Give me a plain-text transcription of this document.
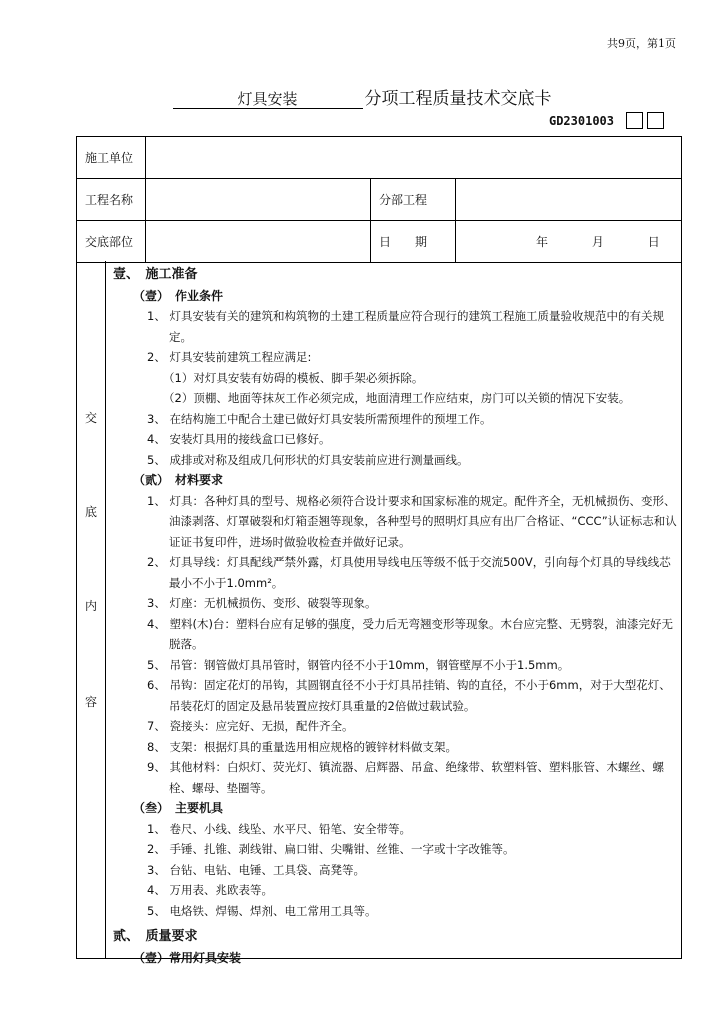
共9页，第1页
灯具安装	分项工程质量技术交底卡
GD2301003
施工单位			
工程名称		分部工程	
交底部位		日　　期	年 月 日
交
底
内
容
壹、　施工准备
（壹）　作业条件
1、 灯具安装有关的建筑和构筑物的土建工程质量应符合现行的建筑工程施工质量验收规范中的有关规定。
2、 灯具安装前建筑工程应满足:
（1）对灯具安装有妨碍的模板、脚手架必须拆除。
（2）顶棚、地面等抹灰工作必须完成，地面清理工作应结束，房门可以关锁的情况下安装。
3、 在结构施工中配合土建已做好灯具安装所需预埋件的预埋工作。
4、 安装灯具用的接线盒口已修好。
5、 成排或对称及组成几何形状的灯具安装前应进行测量画线。
（贰）　材料要求
1、 灯具：各种灯具的型号、规格必须符合设计要求和国家标准的规定。配件齐全，无机械损伤、变形、油漆剥落、灯罩破裂和灯箱歪翘等现象，各种型号的照明灯具应有出厂合格证、“CCC”认证标志和认证证书复印件，进场时做验收检查并做好记录。
2、 灯具导线：灯具配线严禁外露，灯具使用导线电压等级不低于交流500V，引向每个灯具的导线线芯最小不小于1.0mm²。
3、 灯座：无机械损伤、变形、破裂等现象。
4、 塑料(木)台：塑料台应有足够的强度，受力后无弯翘变形等现象。木台应完整、无劈裂，油漆完好无脱落。
5、 吊管：钢管做灯具吊管时，钢管内径不小于10mm，钢管壁厚不小于1.5mm。
6、 吊钩：固定花灯的吊钩，其圆钢直径不小于灯具吊挂销、钩的直径，不小于6mm，对于大型花灯、吊装花灯的固定及悬吊装置应按灯具重量的2倍做过载试验。
7、 瓷接头：应完好、无损，配件齐全。
8、 支架：根据灯具的重量选用相应规格的镀锌材料做支架。
9、 其他材料：白炽灯、荧光灯、镇流器、启辉器、吊盒、绝缘带、软塑料管、塑料胀管、木螺丝、螺栓、螺母、垫圈等。
（叁）　主要机具
1、 卷尺、小线、线坠、水平尺、铅笔、安全带等。
2、 手锤、扎锥、剥线钳、扁口钳、尖嘴钳、丝锥、一字或十字改锥等。
3、 台钻、电钻、电锤、工具袋、高凳等。
4、 万用表、兆欧表等。
5、 电烙铁、焊锡、焊剂、电工常用工具等。
贰、　质量要求
（壹）常用灯具安装
